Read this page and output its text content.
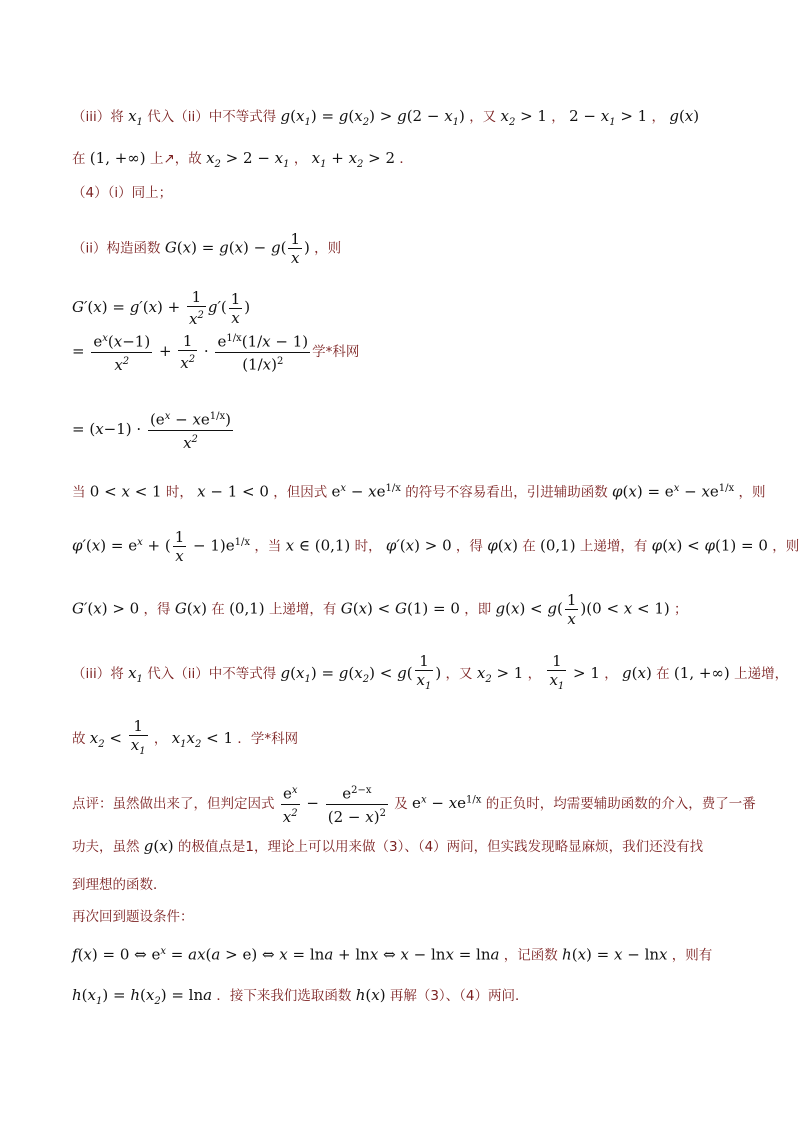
（iii）将 $x_1$ 代入（ii）中不等式得 $g(x_1) = g(x_2) > g(2 - x_1)$ ，又 $x_2 > 1$ ， $2 - x_1 > 1$ ， g(x)
在 (1, +∞) 上↗，故 $x_2 > 2 - x_1$ ， $x_1 + x_2 > 2$ ．
（4）（i）同上；
（ii）构造函数 $G(x) = g(x) - g( \frac{1}{x}$ ) ，则
$G'(x) = g'(x) + \frac{1}{x^2} g'( \frac{1}{x}$ )
= $\frac{e^x(x-1)}{x^2} + \frac{1}{x^2} \cdot \frac{e^{1/x}(1/x - 1)}{(1/x)^2}$ 学*科网
= $(x-1) \cdot \frac{(e^x - xe^{1/x})}{x^2}$
当 0 < x < 1 时， x − 1 < 0 ，但因式 $e^x - xe^{1/x}$ 的符号不容易看出，引进辅助函数 $\varphi(x) = e^x - xe^{1/x}$ ，则
$\varphi'(x) = e^x$ + ( $\frac{1}{x} - 1)e^{1/x}$ ，当 x ∈ (0,1) 时， φ′(x) > 0 ，得 φ(x) 在 (0,1) 上递增，有 φ(x) < φ(1) = 0 ，则
G′(x) > 0 ，得 G(x) 在 (0,1) 上递增，有 G(x) < G(1) = 0 ，即 $g(x) < g( \frac{1}{x} )(0 < x < 1)$ ；
（iii）将 $x_1$ 代入（ii）中不等式得 $g(x_1) = g(x_2) < g( \frac{1}{x_1}$ ) ，又 $x_2 > 1$ ， $\frac{1}{x_1} > 1$ ， g(x) 在 (1, +∞) 上递增，
故 $x_2 < \frac{1}{x_1}$ ， $x_1x_2 < 1$ ．学*科网
点评：虽然做出来了，但判定因式 $\frac{e^x}{x^2} - \frac{e^{2-x}}{(2 - x)^2}$ 及 $e^x - xe^{1/x}$ 的正负时，均需要辅助函数的介入，费了一番
功夫，虽然 g(x) 的极值点是1，理论上可以用来做（3）、（4）两问，但实践发现略显麻烦，我们还没有找
到理想的函数．
再次回到题设条件：
f(x) = 0 ⇔ $e^x = ax(a > e)$ ⇔ x = lna + lnx ⇔ x − lnx = lna ，记函数 h(x) = x − lnx ，则有
$h(x_1) = h(x_2) = \ln a$ ．接下来我们选取函数 h(x) 再解（3）、（4）两问．
